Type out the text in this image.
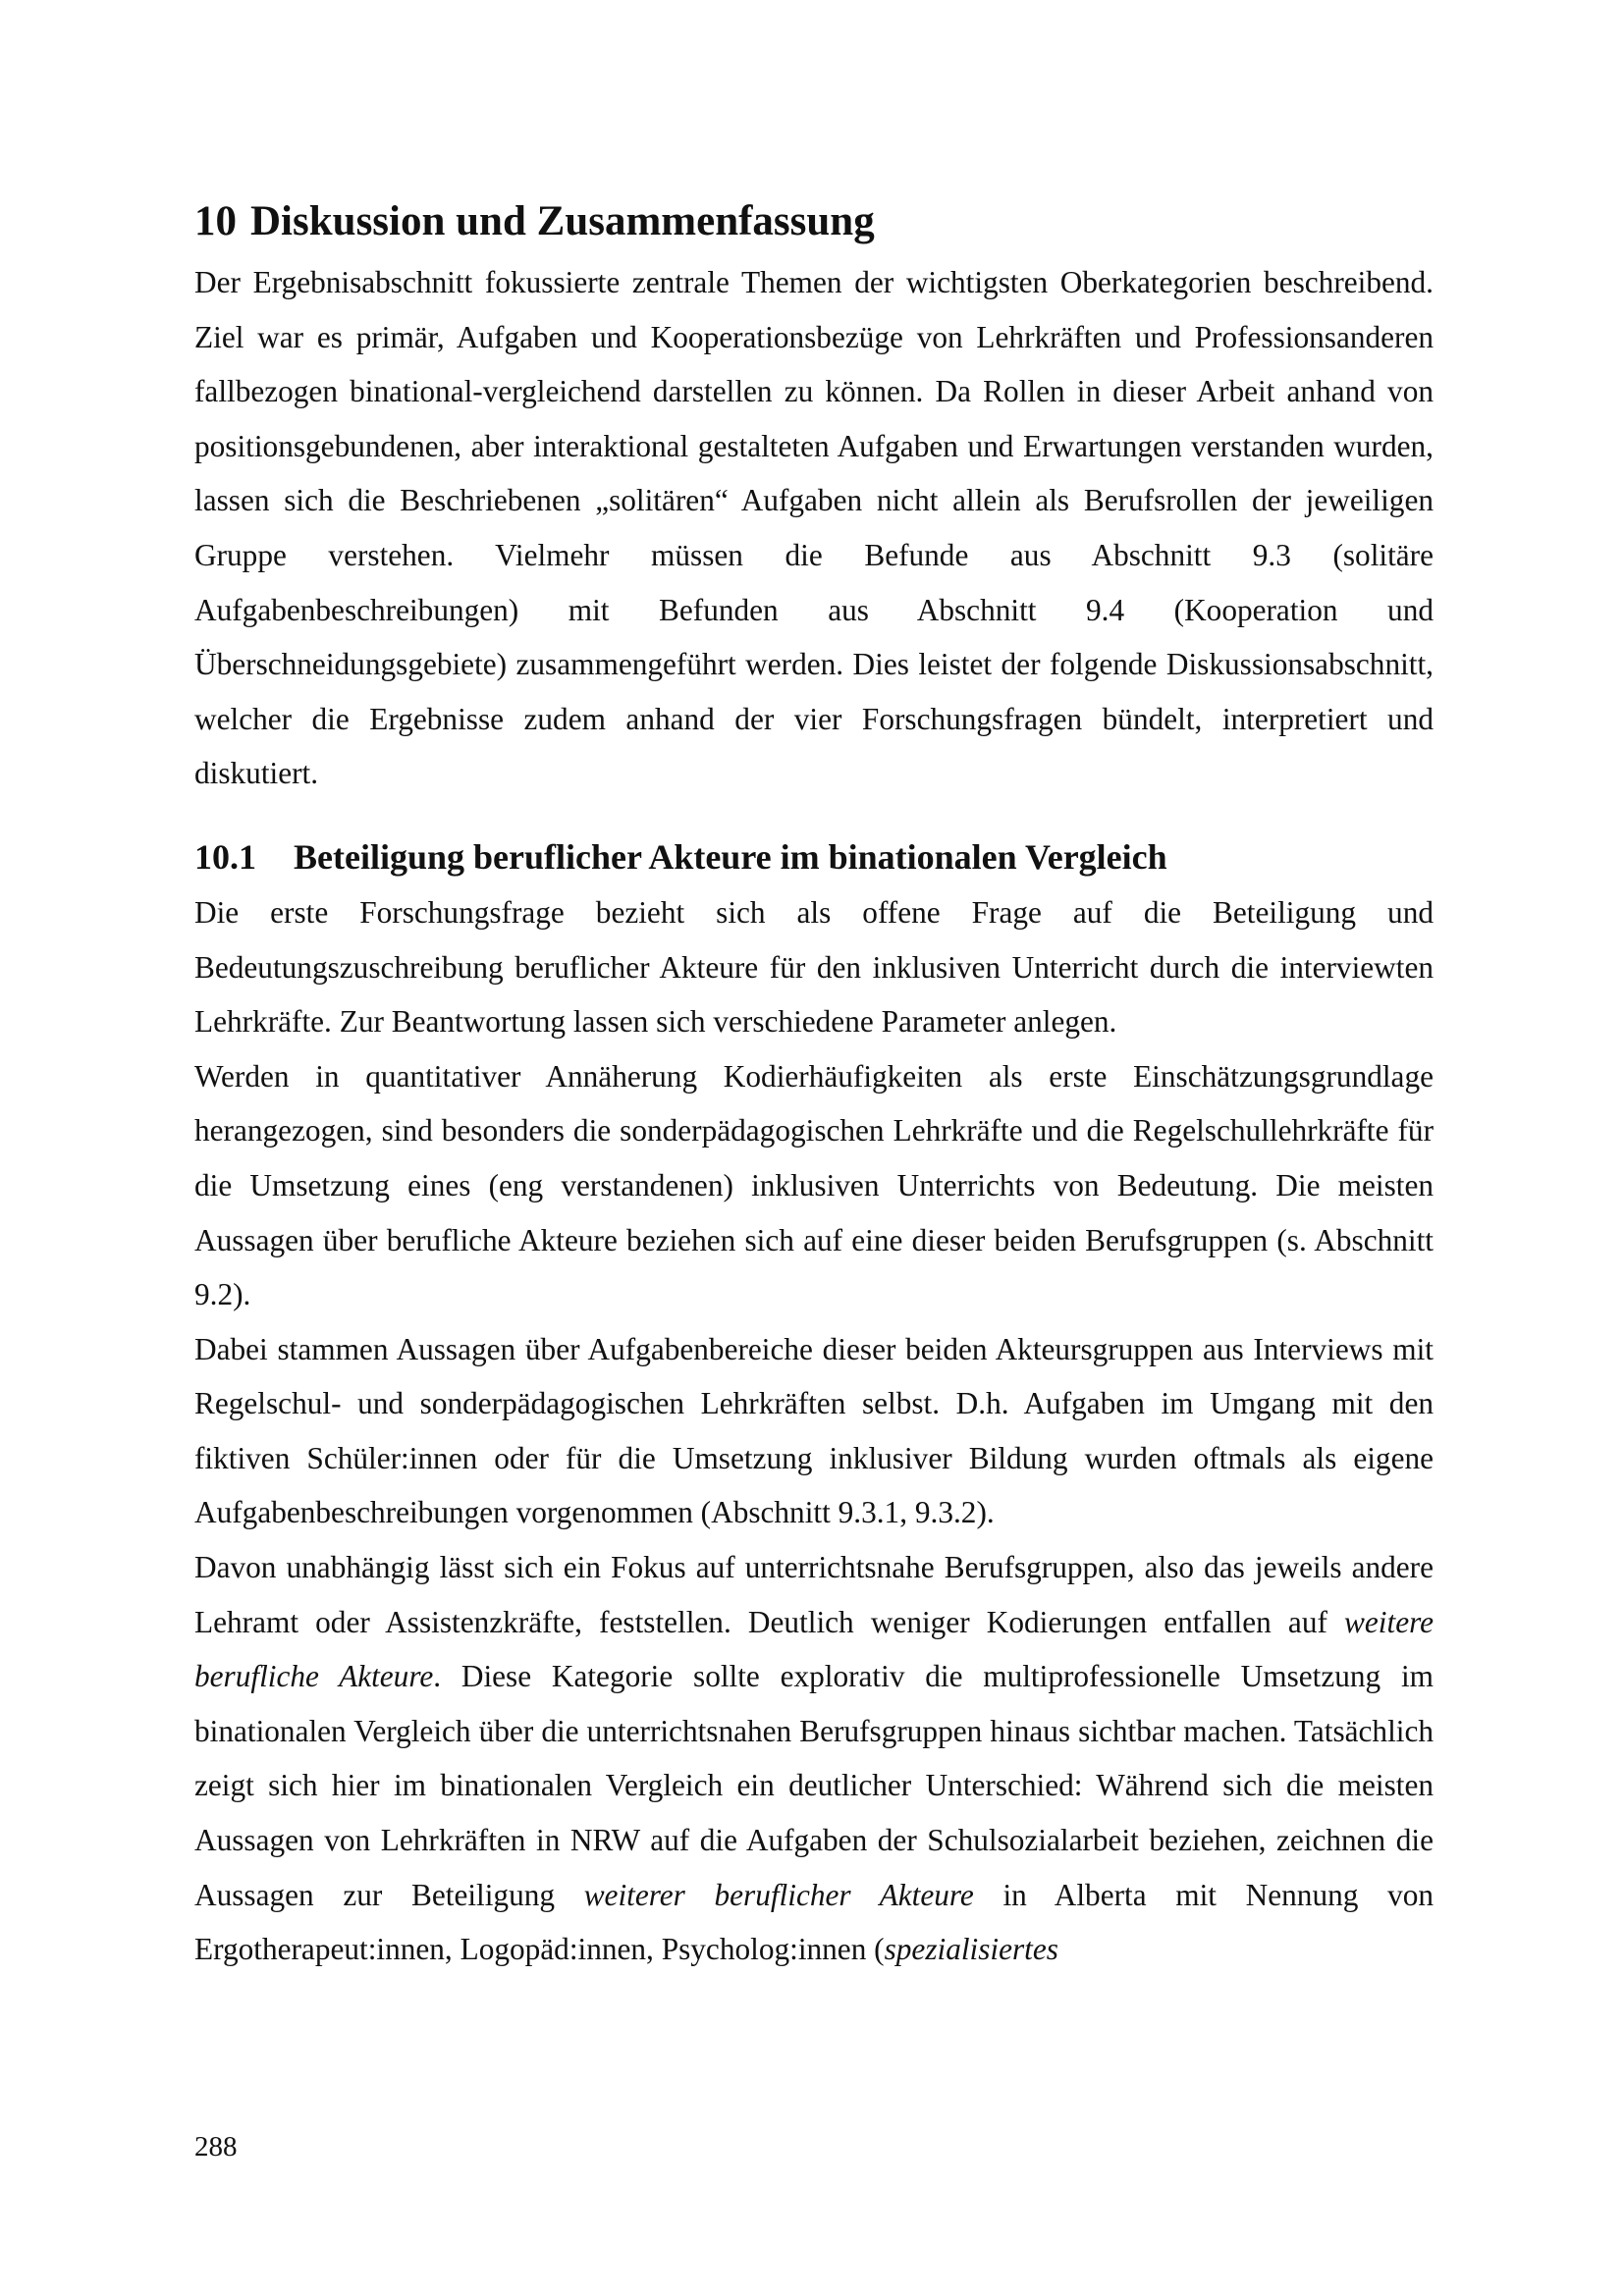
10 Diskussion und Zusammenfassung

Der Ergebnisabschnitt fokussierte zentrale Themen der wichtigsten Oberkategorien beschreibend. Ziel war es primär, Aufgaben und Kooperationsbezüge von Lehrkräften und Professionsanderen fallbezogen binational-vergleichend darstellen zu können. Da Rollen in dieser Arbeit anhand von positionsgebundenen, aber interaktional gestalteten Aufgaben und Erwartungen verstanden wurden, lassen sich die Beschriebenen „solitären“ Aufgaben nicht allein als Berufsrollen der jeweiligen Gruppe verstehen. Vielmehr müssen die Befunde aus Abschnitt 9.3 (solitäre Aufgabenbeschreibungen) mit Befunden aus Abschnitt 9.4 (Kooperation und Überschneidungsgebiete) zusammengeführt werden. Dies leistet der folgende Diskussionsabschnitt, welcher die Ergebnisse zudem anhand der vier Forschungsfragen bündelt, interpretiert und diskutiert.

10.1 Beteiligung beruflicher Akteure im binationalen Vergleich

Die erste Forschungsfrage bezieht sich als offene Frage auf die Beteiligung und Bedeutungszuschreibung beruflicher Akteure für den inklusiven Unterricht durch die interviewten Lehrkräfte. Zur Beantwortung lassen sich verschiedene Parameter anlegen.

Werden in quantitativer Annäherung Kodierhäufigkeiten als erste Einschätzungsgrundlage herangezogen, sind besonders die sonderpädagogischen Lehrkräfte und die Regelschullehrkräfte für die Umsetzung eines (eng verstandenen) inklusiven Unterrichts von Bedeutung. Die meisten Aussagen über berufliche Akteure beziehen sich auf eine dieser beiden Berufsgruppen (s. Abschnitt 9.2).

Dabei stammen Aussagen über Aufgabenbereiche dieser beiden Akteursgruppen aus Interviews mit Regelschul- und sonderpädagogischen Lehrkräften selbst. D.h. Aufgaben im Umgang mit den fiktiven Schüler:innen oder für die Umsetzung inklusiver Bildung wurden oftmals als eigene Aufgabenbeschreibungen vorgenommen (Abschnitt 9.3.1, 9.3.2).

Davon unabhängig lässt sich ein Fokus auf unterrichtsnahe Berufsgruppen, also das jeweils andere Lehramt oder Assistenzkräfte, feststellen. Deutlich weniger Kodierungen entfallen auf weitere berufliche Akteure. Diese Kategorie sollte explorativ die multiprofessionelle Umsetzung im binationalen Vergleich über die unterrichtsnahen Berufsgruppen hinaus sichtbar machen. Tatsächlich zeigt sich hier im binationalen Vergleich ein deutlicher Unterschied: Während sich die meisten Aussagen von Lehrkräften in NRW auf die Aufgaben der Schulsozialarbeit beziehen, zeichnen die Aussagen zur Beteiligung weiterer beruflicher Akteure in Alberta mit Nennung von Ergotherapeut:innen, Logopäd:innen, Psycholog:innen (spezialisiertes

288
